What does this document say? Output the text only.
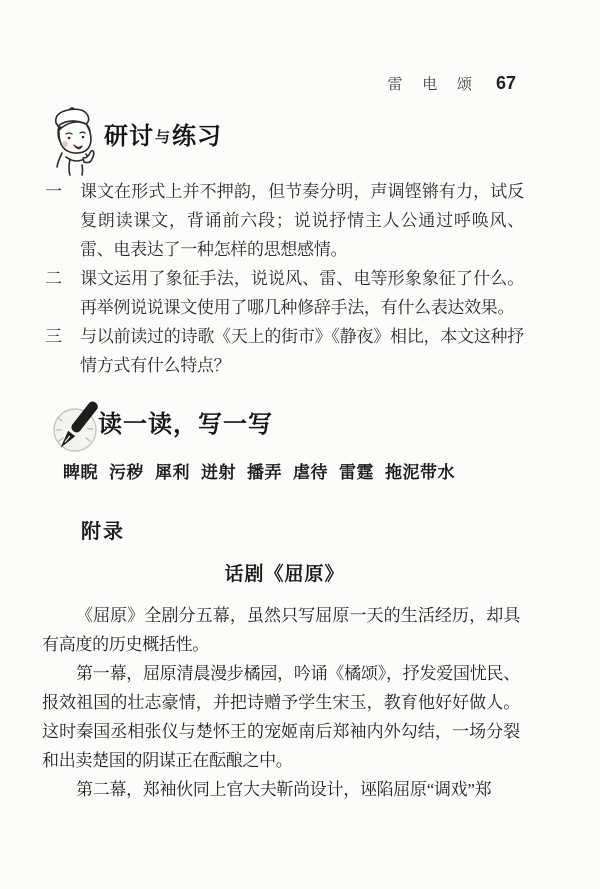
雷 电 颂 67
研讨与练习
一	课文在形式上并不押韵，但节奏分明，声调铿锵有力，试反复朗读课文，背诵前六段；说说抒情主人公通过呼唤风、雷、电表达了一种怎样的思想感情。
二	课文运用了象征手法，说说风、雷、电等形象象征了什么。再举例说说课文使用了哪几种修辞手法，有什么表达效果。
三	与以前读过的诗歌《天上的街市》《静夜》相比，本文这种抒情方式有什么特点？
读一读，写一写
睥睨 污秽 犀利 迸射 播弄 虐待 雷霆 拖泥带水
附录
话剧《屈原》

《屈原》全剧分五幕，虽然只写屈原一天的生活经历，却具有高度的历史概括性。

第一幕，屈原清晨漫步橘园，吟诵《橘颂》，抒发爱国忧民、报效祖国的壮志豪情，并把诗赠予学生宋玉，教育他好好做人。这时秦国丞相张仪与楚怀王的宠姬南后郑袖内外勾结，一场分裂和出卖楚国的阴谋正在酝酿之中。

第二幕，郑袖伙同上官大夫靳尚设计，诬陷屈原“调戏”郑
